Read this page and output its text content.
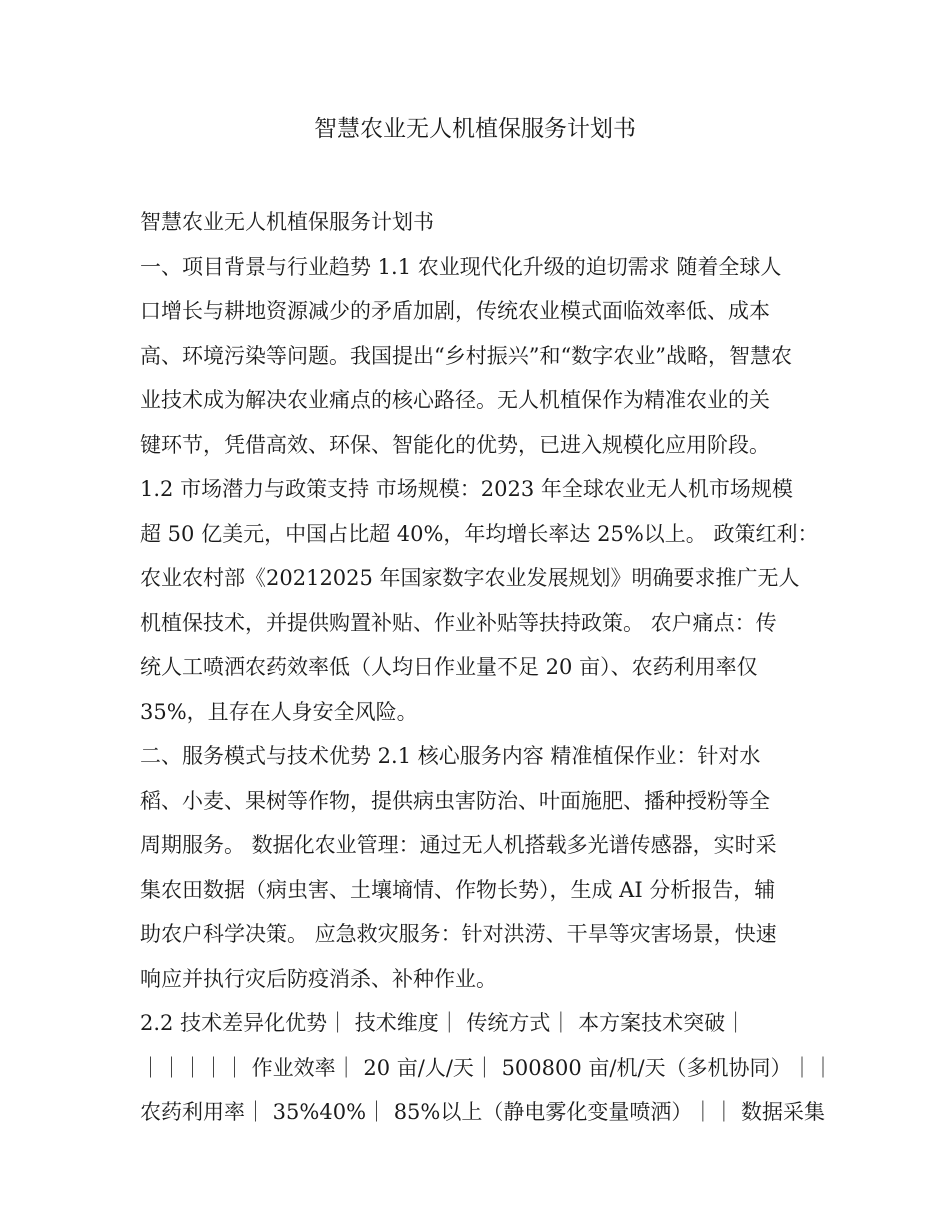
智慧农业无人机植保服务计划书

智慧农业无人机植保服务计划书

一、项目背景与行业趋势 1.1 农业现代化升级的迫切需求 随着全球人

口增长与耕地资源减少的矛盾加剧，传统农业模式面临效率低、成本

高、环境污染等问题。我国提出“乡村振兴”和“数字农业”战略，智慧农

业技术成为解决农业痛点的核心路径。无人机植保作为精准农业的关

键环节，凭借高效、环保、智能化的优势，已进入规模化应用阶段。

1.2 市场潜力与政策支持 市场规模：2023 年全球农业无人机市场规模

超 50 亿美元，中国占比超 40%，年均增长率达 25%以上。 政策红利：

农业农村部《20212025 年国家数字农业发展规划》明确要求推广无人

机植保技术，并提供购置补贴、作业补贴等扶持政策。 农户痛点：传

统人工喷洒农药效率低（人均日作业量不足 20 亩）、农药利用率仅

35%，且存在人身安全风险。

二、服务模式与技术优势 2.1 核心服务内容 精准植保作业：针对水

稻、小麦、果树等作物，提供病虫害防治、叶面施肥、播种授粉等全

周期服务。 数据化农业管理：通过无人机搭载多光谱传感器，实时采

集农田数据（病虫害、土壤墒情、作物长势），生成 AI 分析报告，辅

助农户科学决策。 应急救灾服务：针对洪涝、干旱等灾害场景，快速

响应并执行灾后防疫消杀、补种作业。

2.2 技术差异化优势｜ 技术维度｜ 传统方式｜ 本方案技术突破｜

｜｜｜｜｜ 作业效率｜ 20 亩/人/天｜ 500800 亩/机/天（多机协同）｜｜

农药利用率｜ 35%40%｜ 85%以上（静电雾化变量喷洒）｜｜ 数据采集
